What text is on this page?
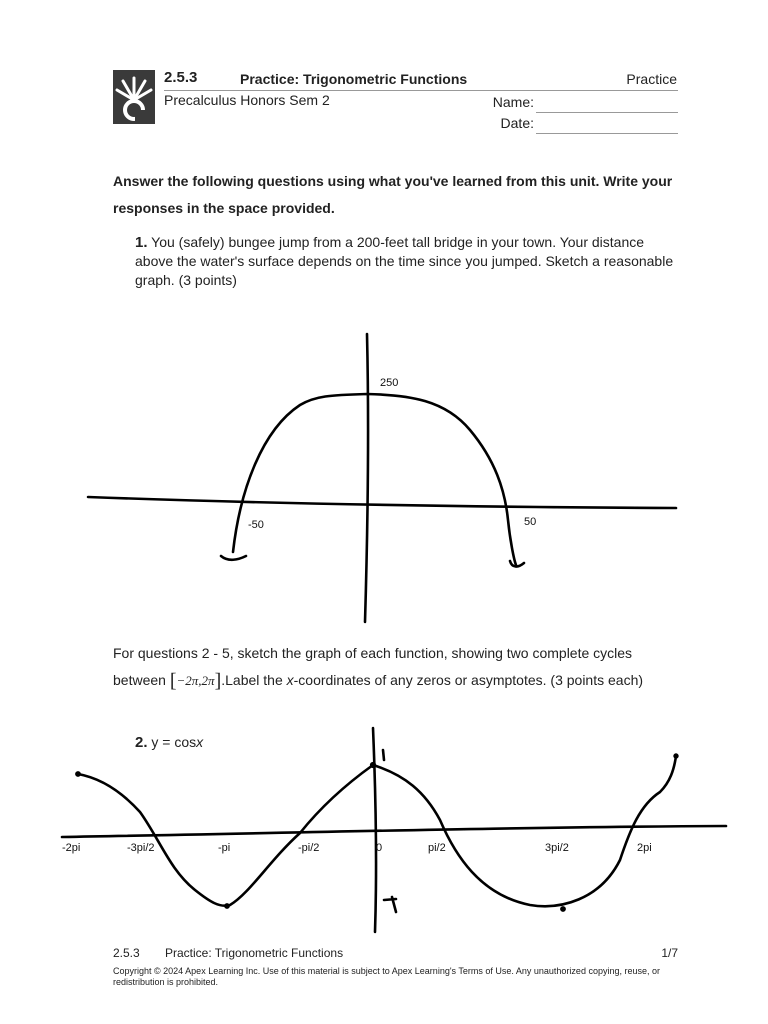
2.5.3	Practice: Trigonometric Functions	Practice
Precalculus Honors Sem 2	Name:
Date:
Answer the following questions using what you've learned from this unit. Write your responses in the space provided.
1. You (safely) bungee jump from a 200-feet tall bridge in your town. Your distance above the water's surface depends on the time since you jumped. Sketch a reasonable graph. (3 points)
250
-50	50
-2pi	-3pi/2	-pi	-pi/2	0	pi/2	3pi/2	2pi
For questions 2 - 5, sketch the graph of each function, showing two complete cycles between [−2π,2π].Label the x-coordinates of any zeros or asymptotes. (3 points each)
2. y = cosx
2.5.3 Practice: Trigonometric Functions	1/7
Copyright © 2024 Apex Learning Inc. Use of this material is subject to Apex Learning's Terms of Use. Any unauthorized copying, reuse, or redistribution is prohibited.
